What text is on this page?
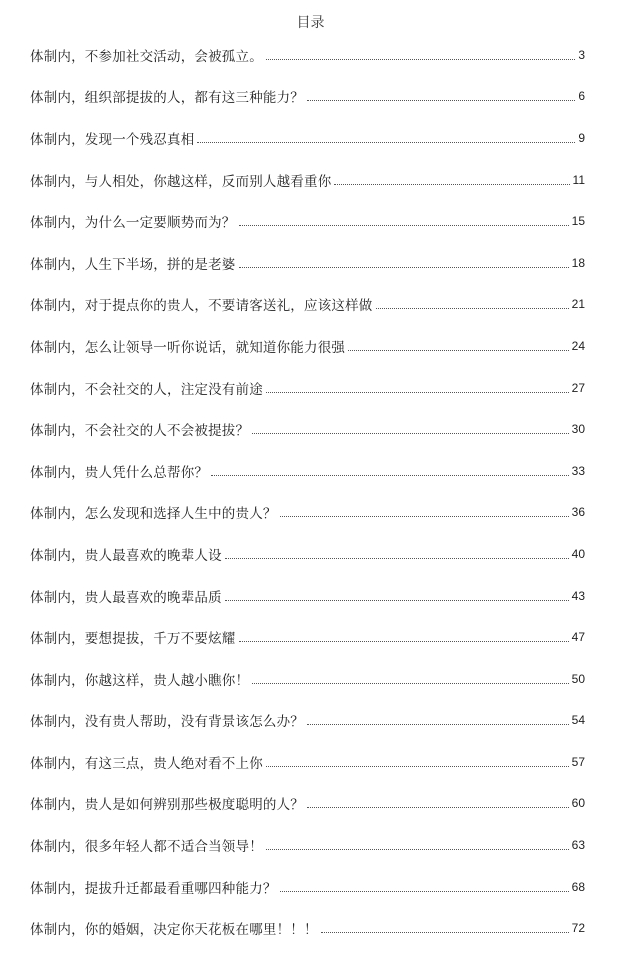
目录
体制内，不参加社交活动，会被孤立。	3
体制内，组织部提拔的人，都有这三种能力？	6
体制内，发现一个残忍真相	9
体制内，与人相处，你越这样，反而别人越看重你	11
体制内，为什么一定要顺势而为？	15
体制内，人生下半场，拼的是老婆	18
体制内，对于提点你的贵人，不要请客送礼，应该这样做	21
体制内，怎么让领导一听你说话，就知道你能力很强	24
体制内，不会社交的人，注定没有前途	27
体制内，不会社交的人不会被提拔？	30
体制内，贵人凭什么总帮你？	33
体制内，怎么发现和选择人生中的贵人？	36
体制内，贵人最喜欢的晚辈人设	40
体制内，贵人最喜欢的晚辈品质	43
体制内，要想提拔，千万不要炫耀	47
体制内，你越这样，贵人越小瞧你！	50
体制内，没有贵人帮助，没有背景该怎么办？	54
体制内，有这三点，贵人绝对看不上你	57
体制内，贵人是如何辨别那些极度聪明的人？	60
体制内，很多年轻人都不适合当领导！	63
体制内，提拔升迁都最看重哪四种能力？	68
体制内，你的婚姻，决定你天花板在哪里！！！	72
